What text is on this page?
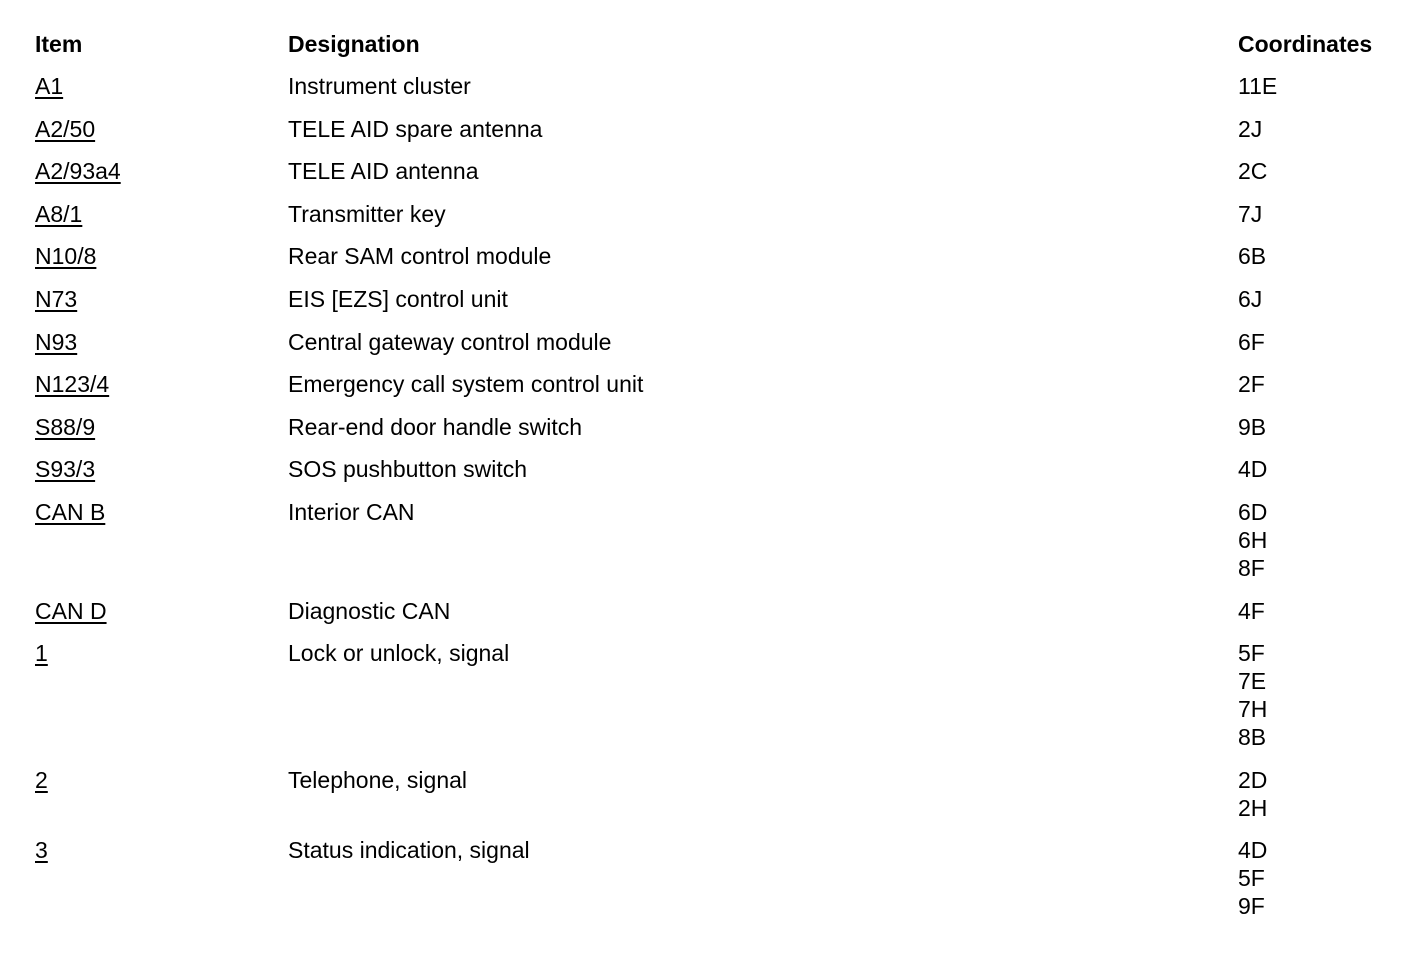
Item	Designation	Coordinates
A1	Instrument cluster	11E
A2/50	TELE AID spare antenna	2J
A2/93a4	TELE AID antenna	2C
A8/1	Transmitter key	7J
N10/8	Rear SAM control module	6B
N73	EIS [EZS] control unit	6J
N93	Central gateway control module	6F
N123/4	Emergency call system control unit	2F
S88/9	Rear-end door handle switch	9B
S93/3	SOS pushbutton switch	4D
CAN B	Interior CAN	6D
6H
8F
CAN D	Diagnostic CAN	4F
1	Lock or unlock, signal	5F
7E
7H
8B
2	Telephone, signal	2D
2H
3	Status indication, signal	4D
5F
9F
